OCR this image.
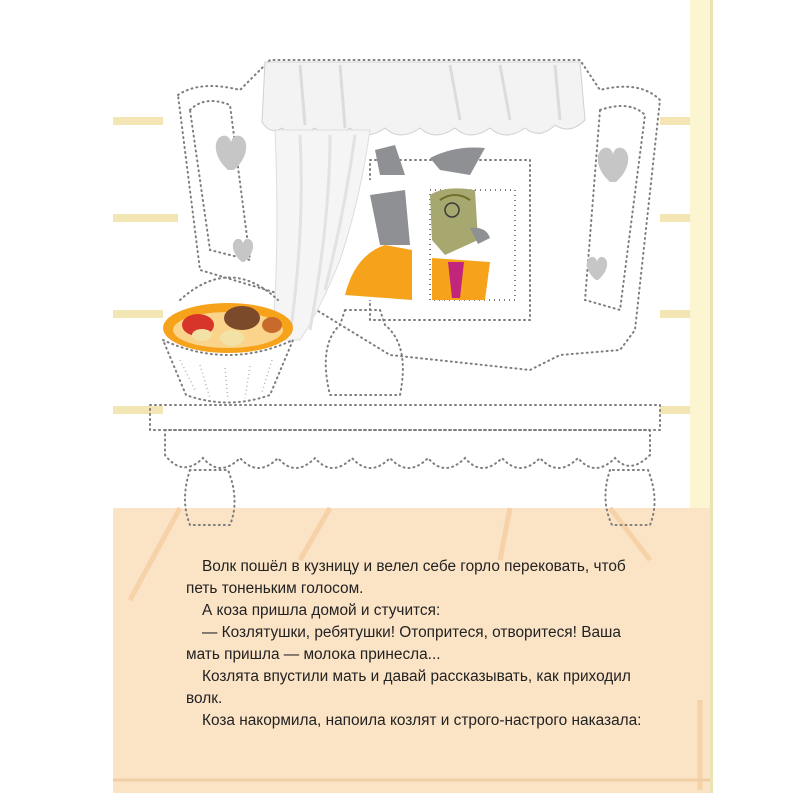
Волк пошёл в кузницу и велел себе горло перековать, чтоб

петь тоненьким голосом.

А коза пришла домой и стучится:

— Козлятушки, ребятушки! Отопритеся, отворитеся! Ваша

мать пришла — молока принесла...

Козлята впустили мать и давай рассказывать, как приходил

волк.

Коза накормила, напоила козлят и строго-настрого наказала:
